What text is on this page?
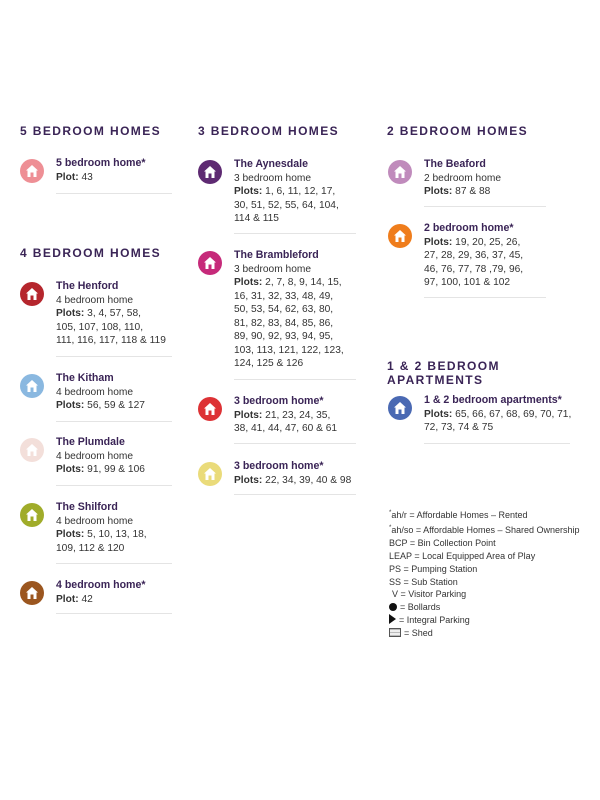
5 BEDROOM HOMES
4 BEDROOM HOMES
3 BEDROOM HOMES	2 BEDROOM HOMES
1 & 2 BEDROOM
APARTMENTS
5 bedroom home*
Plot: 43
The Henford
4 bedroom home
Plots: 3, 4, 57, 58,
105, 107, 108, 110,
111, 116, 117, 118 & 119
The Kitham
4 bedroom home
Plots: 56, 59 & 127
The Plumdale
4 bedroom home
Plots: 91, 99 & 106
The Shilford
4 bedroom home
Plots: 5, 10, 13, 18,
109, 112 & 120
4 bedroom home*
Plot: 42
The Aynesdale
3 bedroom home
Plots: 1, 6, 11, 12, 17,
30, 51, 52, 55, 64, 104,
114 & 115
The Brambleford
3 bedroom home
Plots: 2, 7, 8, 9, 14, 15,
16, 31, 32, 33, 48, 49,
50, 53, 54, 62, 63, 80,
81, 82, 83, 84, 85, 86,
89, 90, 92, 93, 94, 95,
103, 113, 121, 122, 123,
124, 125 & 126
3 bedroom home*
Plots: 21, 23, 24, 35,
38, 41, 44, 47, 60 & 61
3 bedroom home*
Plots: 22, 34, 39, 40 & 98
The Beaford
2 bedroom home
Plots: 87 & 88
2 bedroom home*
Plots: 19, 20, 25, 26,
27, 28, 29, 36, 37, 45,
46, 76, 77, 78 ,79, 96,
97, 100, 101 & 102
1 & 2 bedroom apartments*
Plots: 65, 66, 67, 68, 69, 70, 71,
72, 73, 74 & 75
*ah/r = Affordable Homes – Rented
*ah/so = Affordable Homes – Shared Ownership
BCP = Bin Collection Point
LEAP = Local Equipped Area of Play
PS = Pumping Station
SS = Sub Station
V = Visitor Parking
= Bollards
= Integral Parking
= Shed
